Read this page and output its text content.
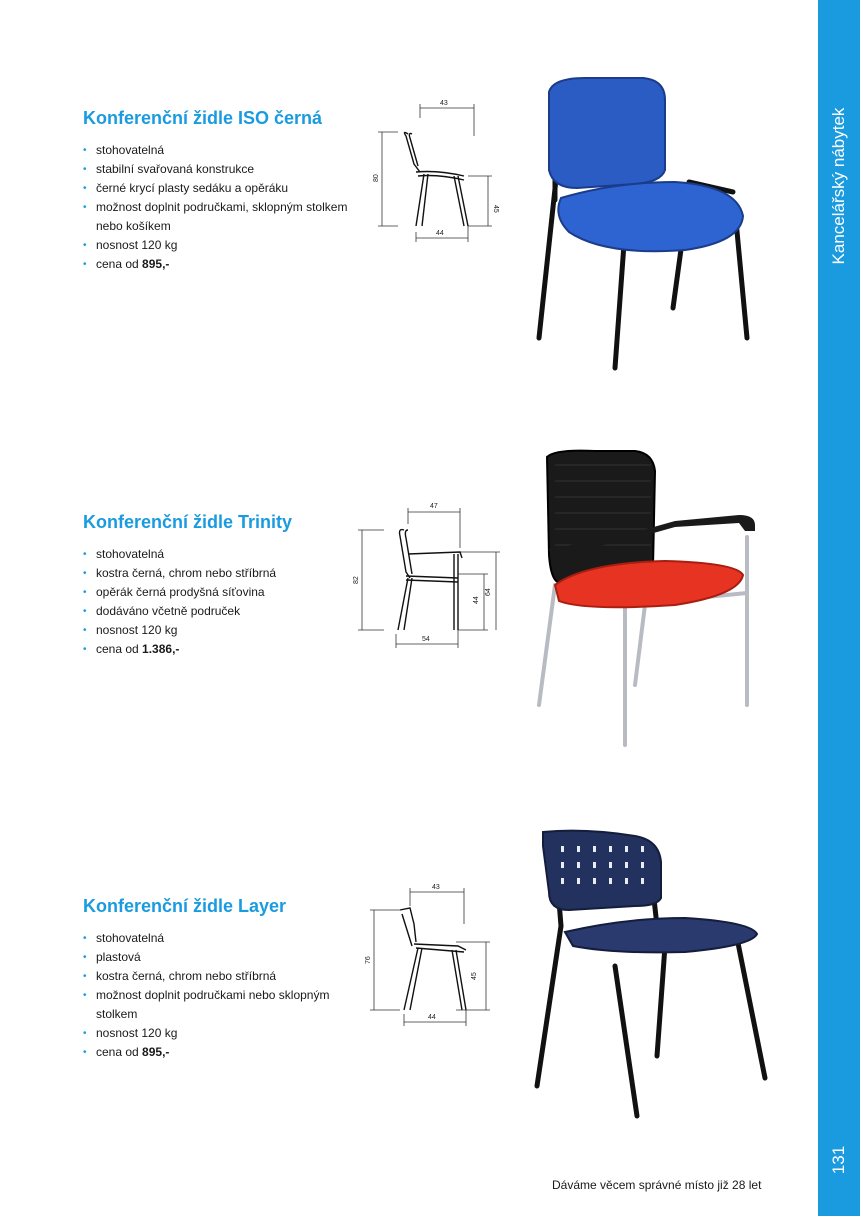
Kancelářský nábytek
131
Konferenční židle ISO černá
• stohovatelná
• stabilní svařovaná konstrukce
• černé krycí plasty sedáku a opěráku
• možnost doplnit područkami, sklopným stolkem nebo košíkem
• nosnost 120 kg
• cena od 895,-
43
80
45
44
Konferenční židle Trinity
• stohovatelná
• kostra černá, chrom nebo stříbrná
• opěrák černá prodyšná síťovina
• dodáváno včetně područek
• nosnost 120 kg
• cena od 1.386,-
47
82
44
64
54
Konferenční židle Layer
• stohovatelná
• plastová
• kostra černá, chrom nebo stříbrná
• možnost doplnit područkami nebo sklopným stolkem
• nosnost 120 kg
• cena od 895,-
43
76
45
44
Dáváme věcem správné místo již 28 let
